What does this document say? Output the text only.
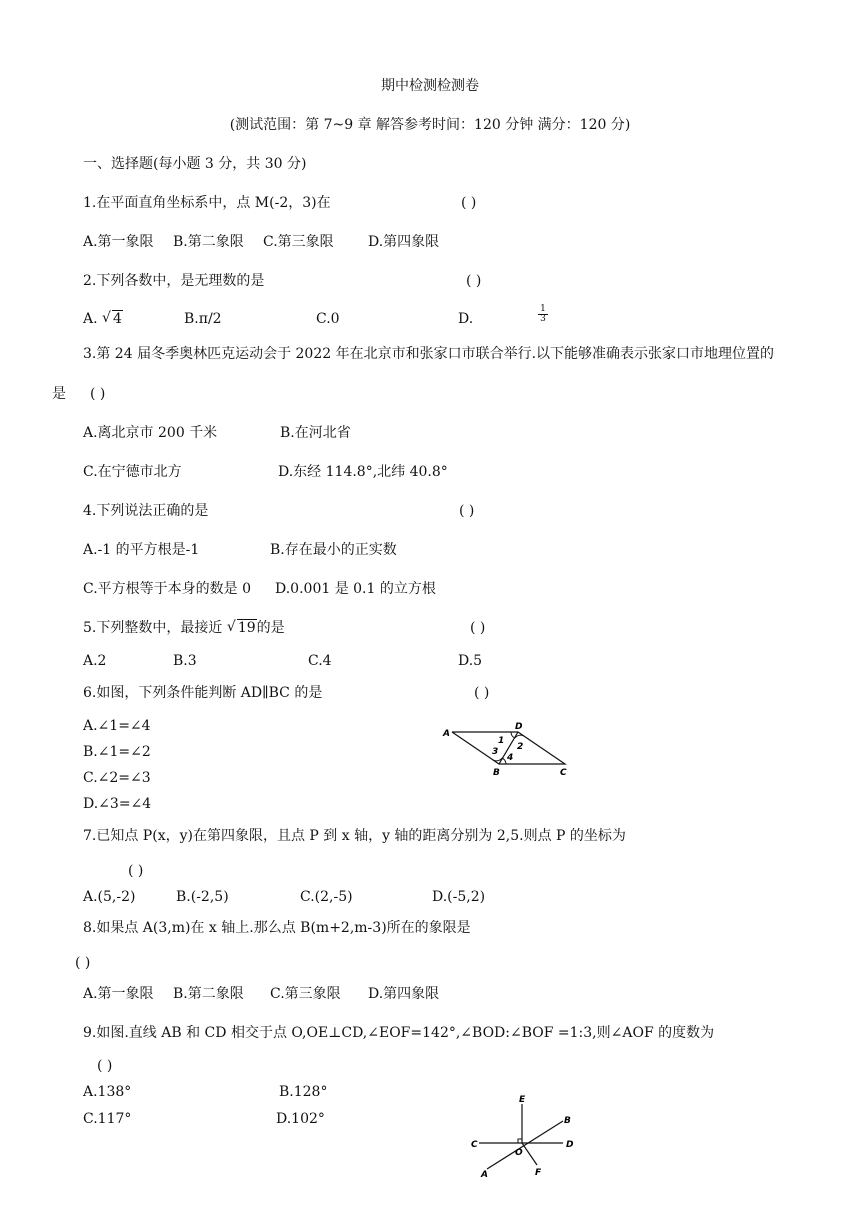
期中检测检测卷
(测试范围：第 7~9 章 解答参考时间：120 分钟 满分：120 分)
一、选择题(每小题 3 分，共 30 分)
1.在平面直角坐标系中，点 M(-2，3)在	( )
A.第一象限 B.第二象限 C.第三象限 D.第四象限
2.下列各数中，是无理数的是	( )
A. √ 4	B.π/2	C.0	D.	$\frac{1}{3}$
3.第 24 届冬季奥林匹克运动会于 2022 年在北京市和张家口市联合举行.以下能够准确表示张家口市地理位置的
是 ( )
A.离北京市 200 千米	B.在河北省
C.在宁德市北方	D.东经 114.8°,北纬 40.8°
4.下列说法正确的是	( )
A.-1 的平方根是-1	B.存在最小的正实数
C.平方根等于本身的数是 0 D.0.001 是 0.1 的立方根
5.下列整数中，最接近 √ 19的是	( )
A.2	B.3	C.4	D.5
6.如图，下列条件能判断 AD∥BC 的是	( )
A.∠1=∠4
B.∠1=∠2
C.∠2=∠3
D.∠3=∠4
A
D
B	C
1
2
3
4
7.已知点 P(x，y)在第四象限，且点 P 到 x 轴，y 轴的距离分别为 2,5.则点 P 的坐标为
( )
A.(5,-2)	B.(-2,5)	C.(2,-5)	D.(-5,2)
8.如果点 A(3,m)在 x 轴上.那么点 B(m+2,m-3)所在的象限是
( )
A.第一象限 B.第二象限 C.第三象限 D.第四象限
9.如图.直线 AB 和 CD 相交于点 O,OE⊥CD,∠EOF=142°,∠BOD:∠BOF =1:3,则∠AOF 的度数为
( )
A.138°	B.128°
C.117°	D.102°
E
B
C	D
O
A	F
